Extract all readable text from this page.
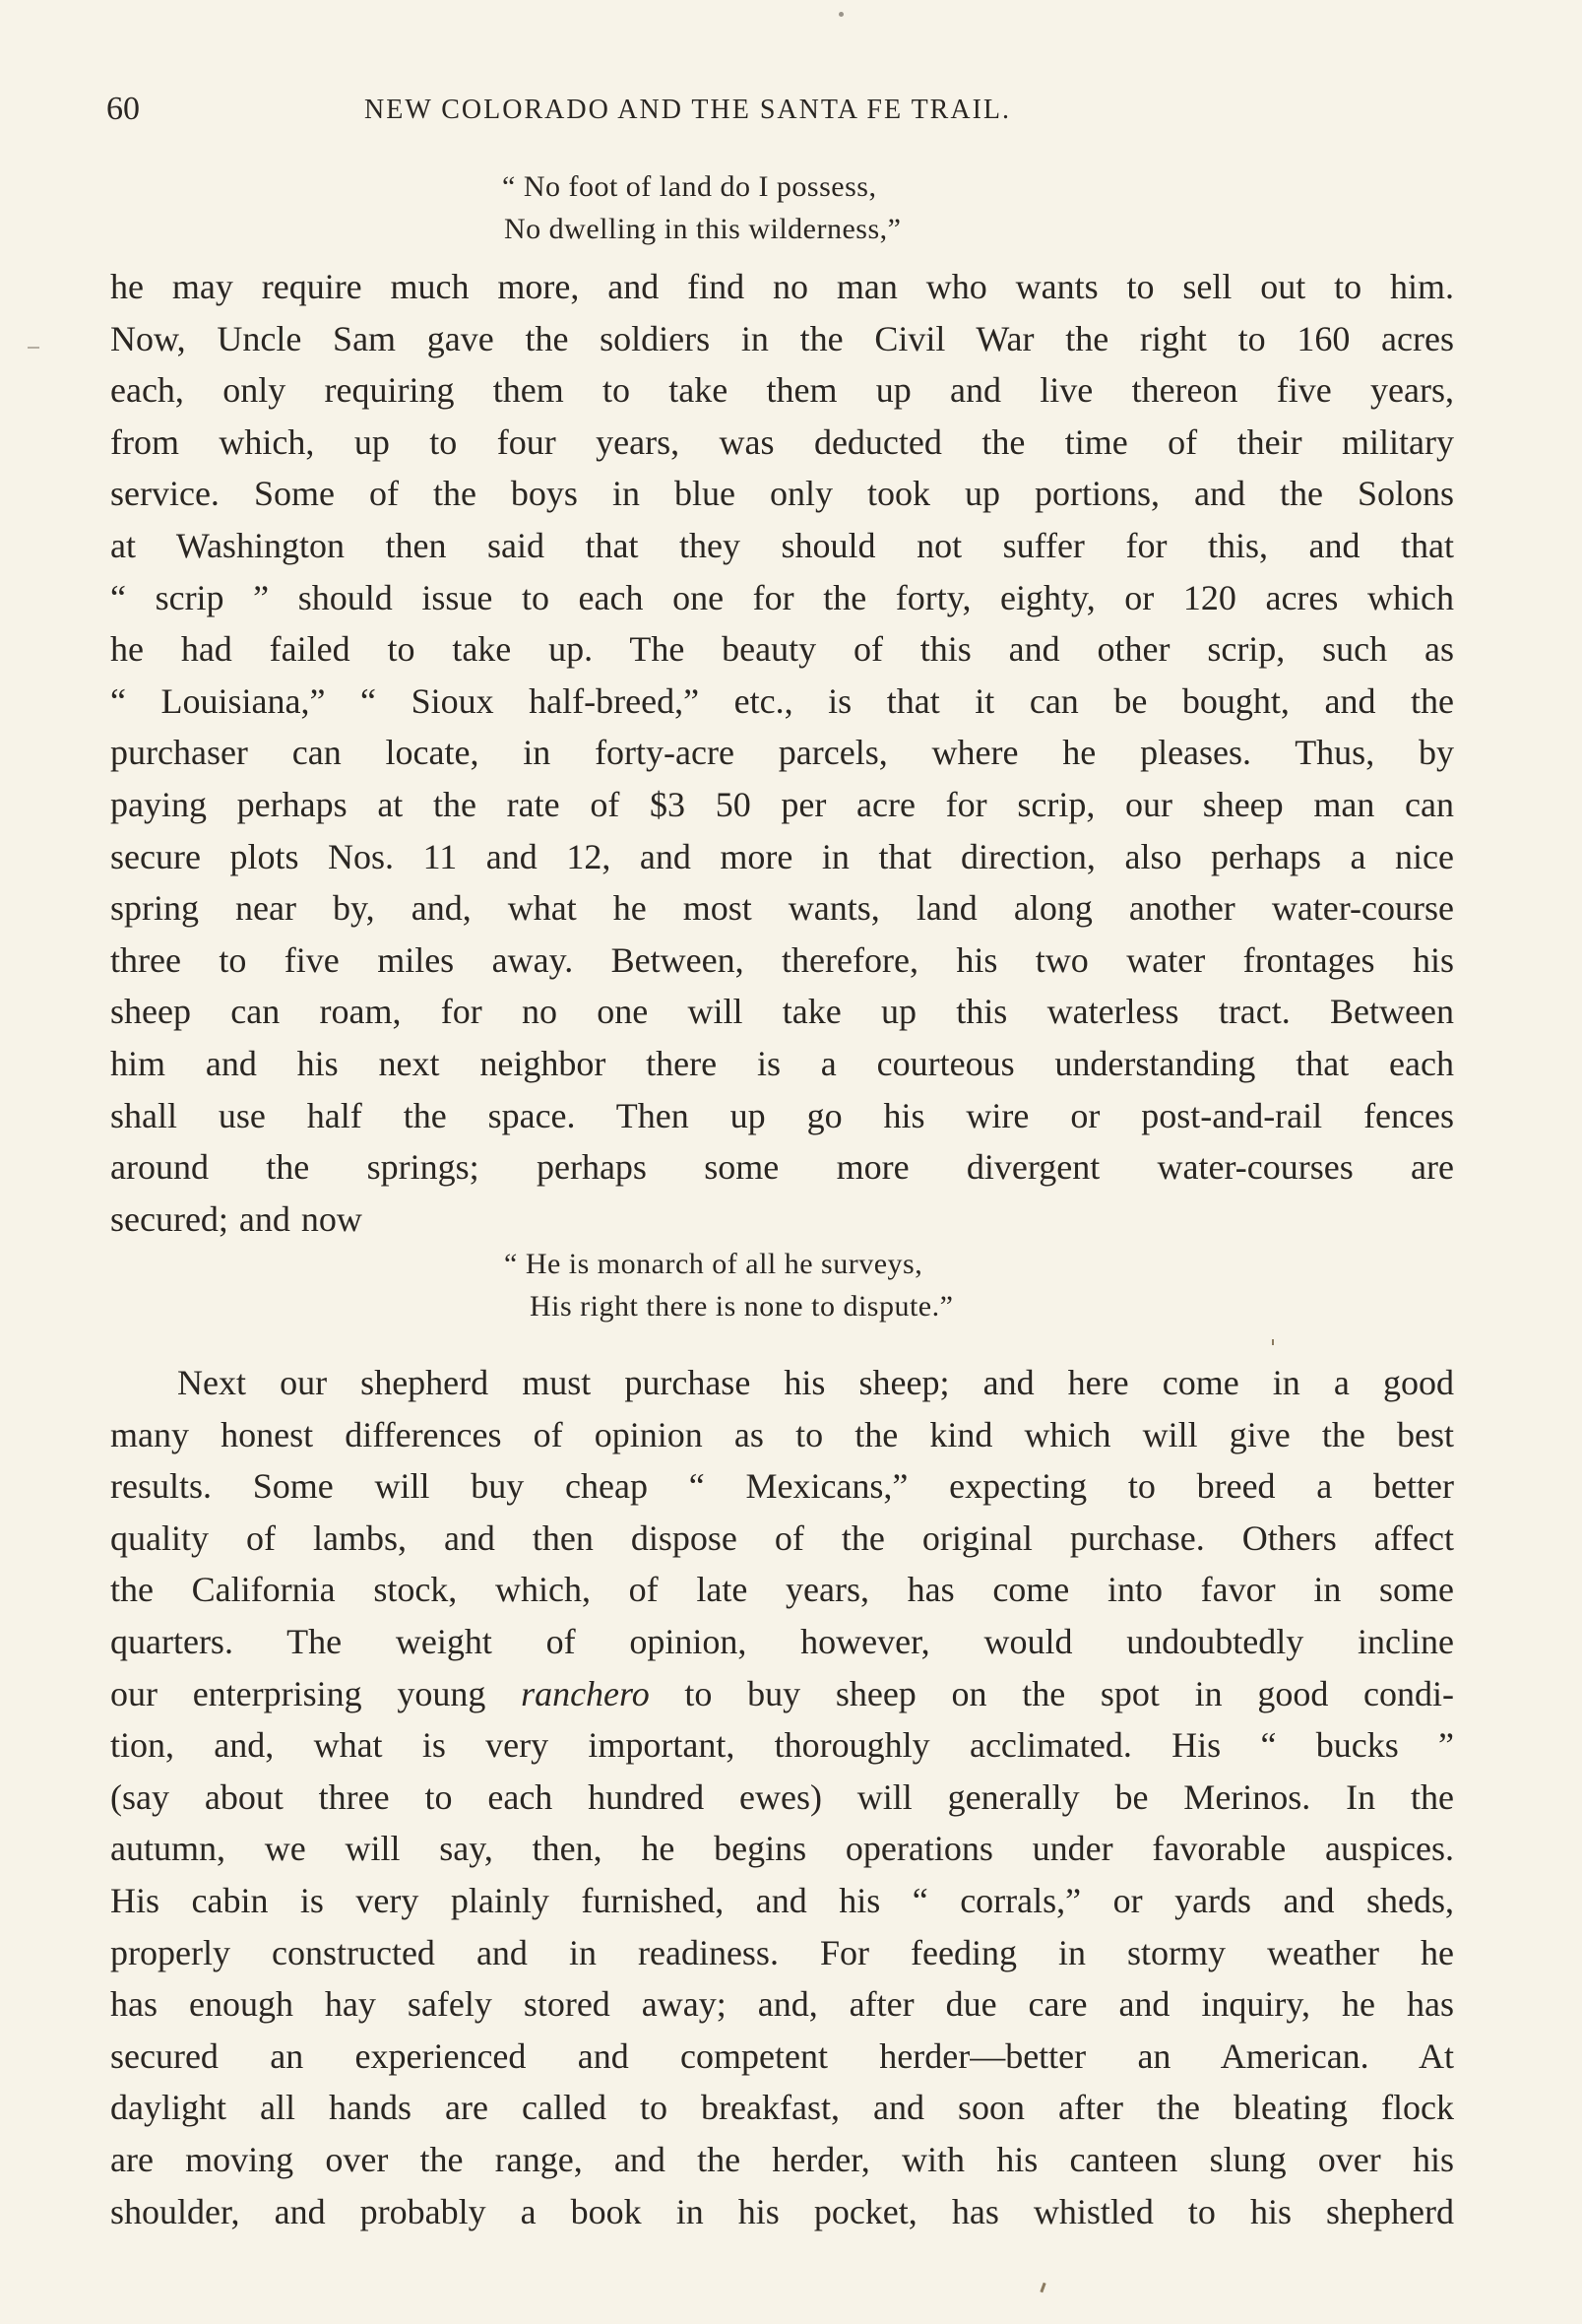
60	NEW COLORADO AND THE SANTA FE TRAIL.
“ No foot of land do I possess,
No dwelling in this wilderness,”
he may require much more, and find no man who wants to sell out to him.
Now, Uncle Sam gave the soldiers in the Civil War the right to 160 acres
each, only requiring them to take them up and live thereon five years,
from which, up to four years, was deducted the time of their military
service. Some of the boys in blue only took up portions, and the Solons
at Washington then said that they should not suffer for this, and that
“ scrip ” should issue to each one for the forty, eighty, or 120 acres which
he had failed to take up. The beauty of this and other scrip, such as
“ Louisiana,” “ Sioux half-breed,” etc., is that it can be bought, and the
purchaser can locate, in forty-acre parcels, where he pleases. Thus, by
paying perhaps at the rate of $3 50 per acre for scrip, our sheep man can
secure plots Nos. 11 and 12, and more in that direction, also perhaps a nice
spring near by, and, what he most wants, land along another water-course
three to five miles away. Between, therefore, his two water frontages his
sheep can roam, for no one will take up this waterless tract. Between
him and his next neighbor there is a courteous understanding that each
shall use half the space. Then up go his wire or post-and-rail fences
around the springs; perhaps some more divergent water-courses are
secured; and now
“ He is monarch of all he surveys,
His right there is none to dispute.”
Next our shepherd must purchase his sheep; and here come in a good
many honest differences of opinion as to the kind which will give the best
results. Some will buy cheap “ Mexicans,” expecting to breed a better
quality of lambs, and then dispose of the original purchase. Others affect
the California stock, which, of late years, has come into favor in some
quarters. The weight of opinion, however, would undoubtedly incline
our enterprising young ranchero to buy sheep on the spot in good condi-
tion, and, what is very important, thoroughly acclimated. His “ bucks ”
(say about three to each hundred ewes) will generally be Merinos. In the
autumn, we will say, then, he begins operations under favorable auspices.
His cabin is very plainly furnished, and his “ corrals,” or yards and sheds,
properly constructed and in readiness. For feeding in stormy weather he
has enough hay safely stored away; and, after due care and inquiry, he has
secured an experienced and competent herder—better an American. At
daylight all hands are called to breakfast, and soon after the bleating flock
are moving over the range, and the herder, with his canteen slung over his
shoulder, and probably a book in his pocket, has whistled to his shepherd
